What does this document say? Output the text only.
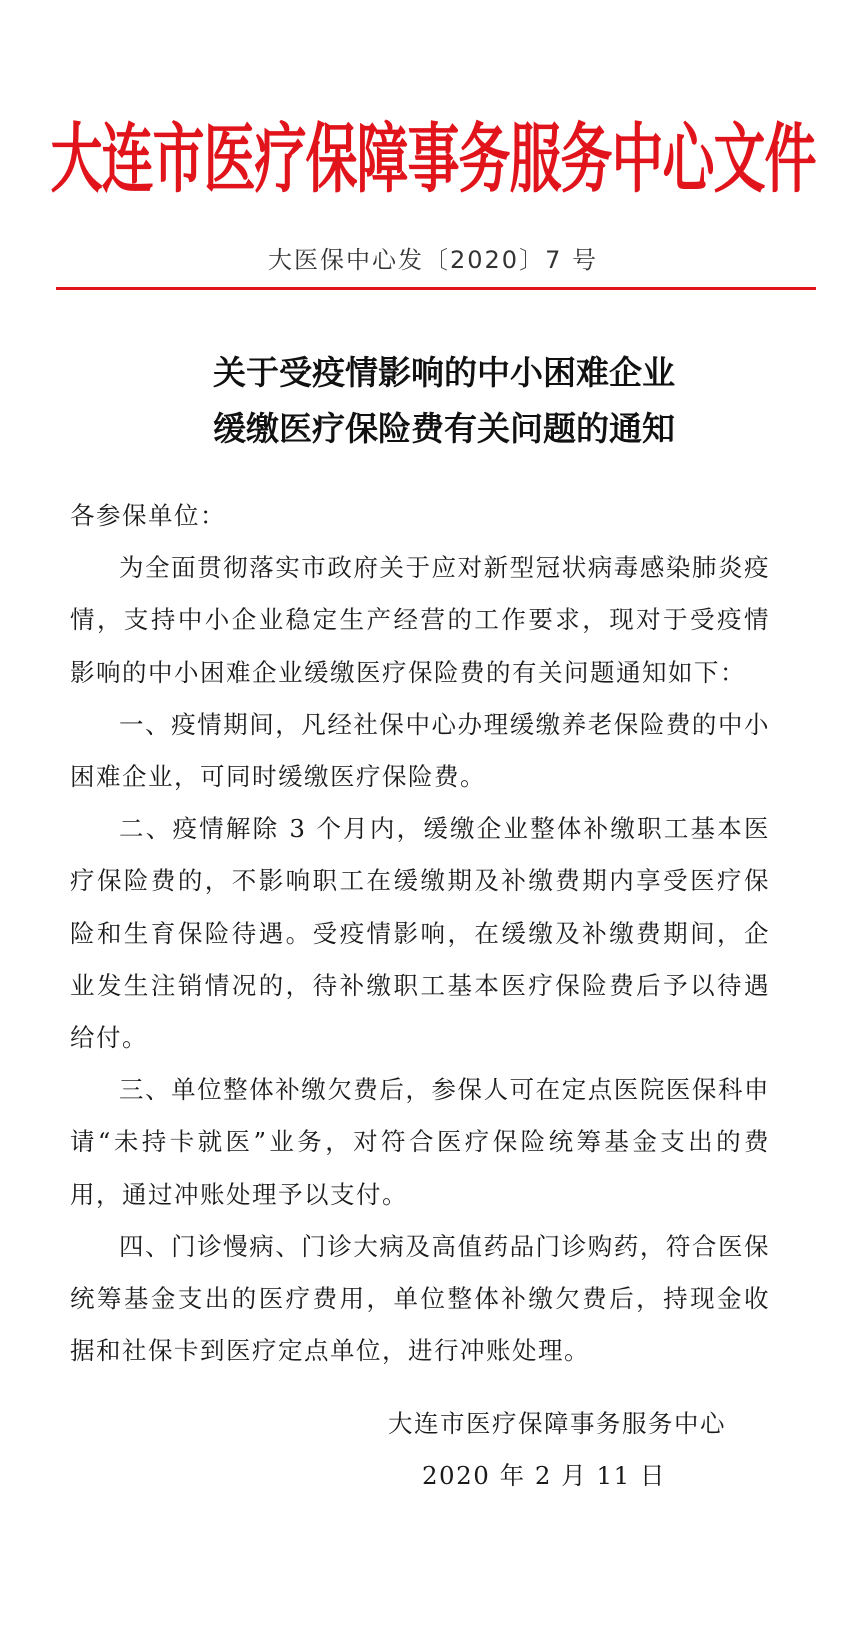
大连市医疗保障事务服务中心文件
大医保中心发〔2020〕7 号
关于受疫情影响的中小困难企业
缓缴医疗保险费有关问题的通知

各参保单位：

为全面贯彻落实市政府关于应对新型冠状病毒感染肺炎疫情，支持中小企业稳定生产经营的工作要求，现对于受疫情影响的中小困难企业缓缴医疗保险费的有关问题通知如下：

一、疫情期间，凡经社保中心办理缓缴养老保险费的中小困难企业，可同时缓缴医疗保险费。

二、疫情解除 3 个月内，缓缴企业整体补缴职工基本医疗保险费的，不影响职工在缓缴期及补缴费期内享受医疗保险和生育保险待遇。受疫情影响，在缓缴及补缴费期间，企业发生注销情况的，待补缴职工基本医疗保险费后予以待遇给付。

三、单位整体补缴欠费后，参保人可在定点医院医保科申请“未持卡就医”业务，对符合医疗保险统筹基金支出的费用，通过冲账处理予以支付。

四、门诊慢病、门诊大病及高值药品门诊购药，符合医保统筹基金支出的医疗费用，单位整体补缴欠费后，持现金收据和社保卡到医疗定点单位，进行冲账处理。

大连市医疗保障事务服务中心
2020 年 2 月 11 日
